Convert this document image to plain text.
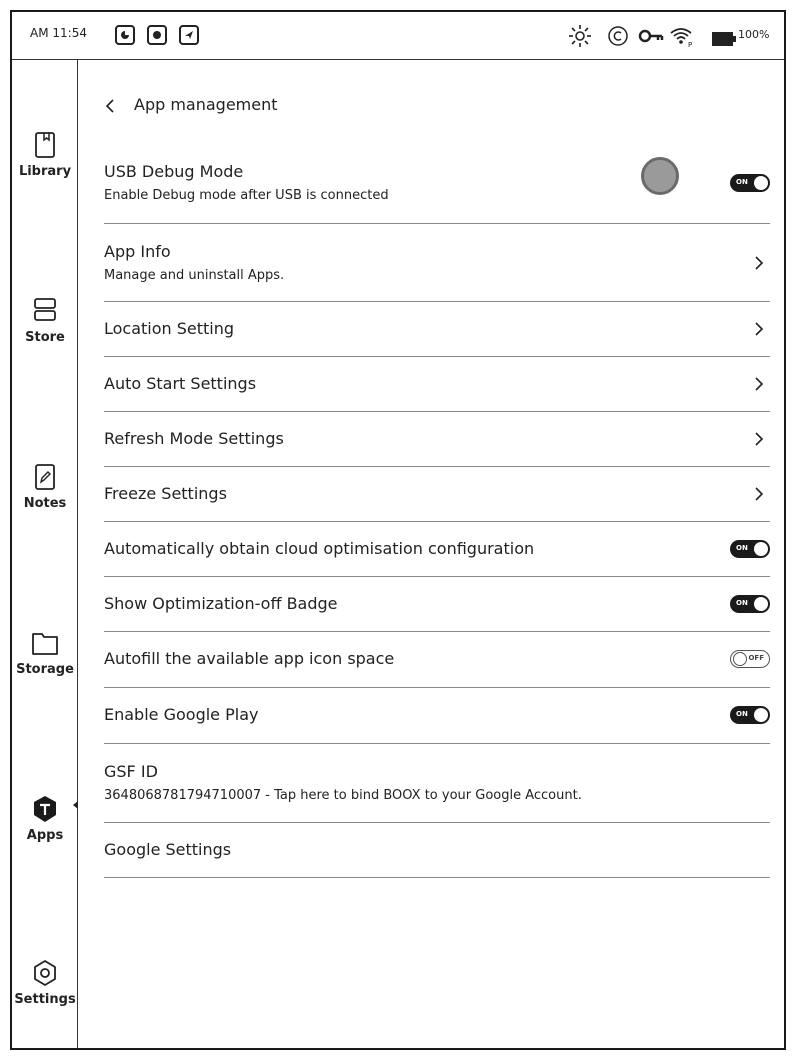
AM 11:54
P
100%
Library
Store
Notes
Storage
Apps
Settings
App management
USB Debug Mode
Enable Debug mode after USB is connected
ON
App Info
Manage and uninstall Apps.
Location Setting
Auto Start Settings
Refresh Mode Settings
Freeze Settings
Automatically obtain cloud optimisation configuration	ON
Show Optimization-off Badge	ON
Autofill the available app icon space	OFF
Enable Google Play	ON
GSF ID
3648068781794710007 - Tap here to bind BOOX to your Google Account.
Google Settings
